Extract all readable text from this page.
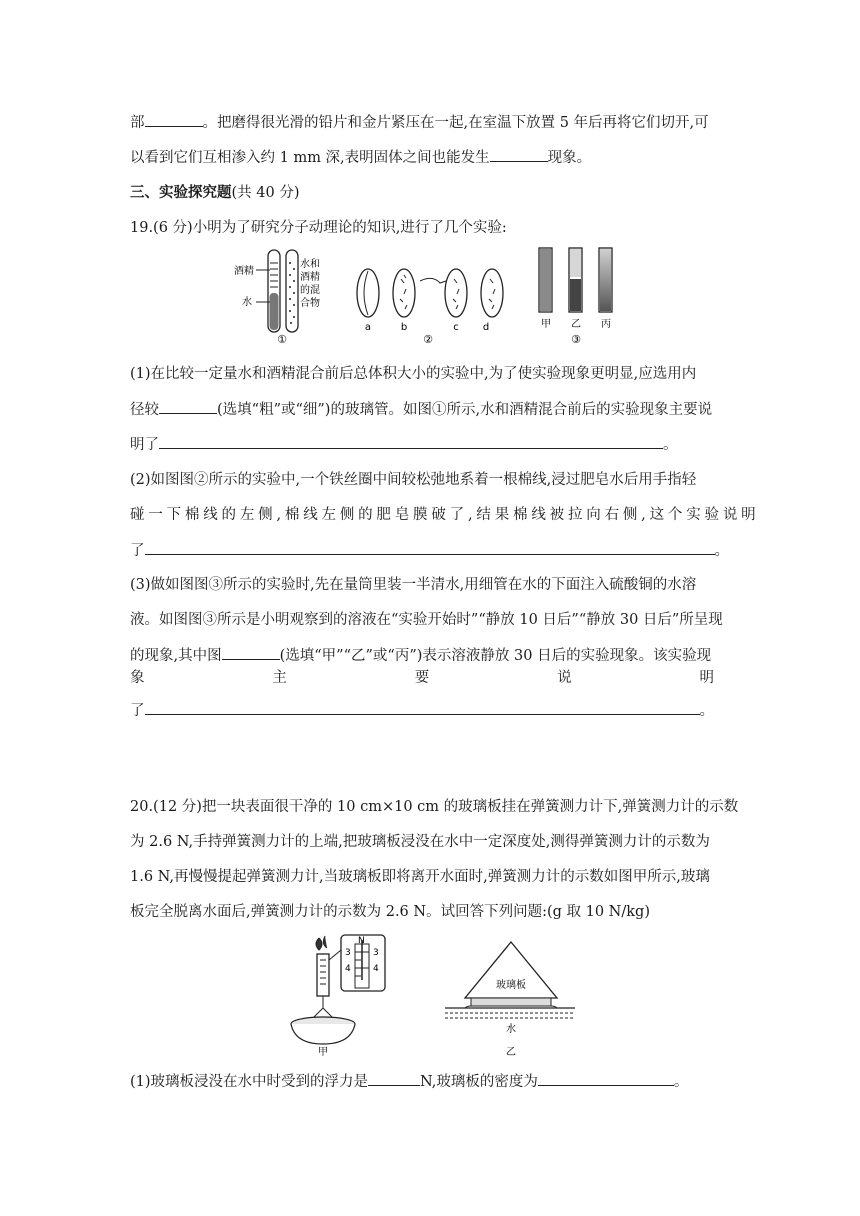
部	。把磨得很光滑的铅片和金片紧压在一起,在室温下放置 5 年后再将它们切开,可
以看到它们互相渗入约 1 mm 深,表明固体之间也能发生	现象。
三、实验探究题(共 40 分)
19.(6 分)小明为了研究分子动理论的知识,进行了几个实验:
酒精
水
水和
酒精
的混
合物
①
a	b	c d
②
甲 乙 丙
③
(1)在比较一定量水和酒精混合前后总体积大小的实验中,为了使实验现象更明显,应选用内
径较	(选填“粗”或“细”)的玻璃管。如图①所示,水和酒精混合前后的实验现象主要说
明了	。
(2)如图图②所示的实验中,一个铁丝圈中间较松弛地系着一根棉线,浸过肥皂水后用手指轻
碰 一 下 棉 线 的 左 侧 , 棉 线 左 侧 的 肥 皂 膜 破 了 , 结 果 棉 线 被 拉 向 右 侧 , 这 个 实 验 说 明
了	。
(3)做如图图③所示的实验时,先在量筒里装一半清水,用细管在水的下面注入硫酸铜的水溶
液。如图图③所示是小明观察到的溶液在“实验开始时”“静放 10 日后”“静放 30 日后”所呈现
的现象,其中图	(选填“甲”“乙”或“丙”)表示溶液静放 30 日后的实验现象。该实验现
象	主	要	说	明
了	。
20.(12 分)把一块表面很干净的 10 cm×10 cm 的玻璃板挂在弹簧测力计下,弹簧测力计的示数
为 2.6 N,手持弹簧测力计的上端,把玻璃板浸没在水中一定深度处,测得弹簧测力计的示数为
1.6 N,再慢慢提起弹簧测力计,当玻璃板即将离开水面时,弹簧测力计的示数如图甲所示,玻璃
板完全脱离水面后,弹簧测力计的示数为 2.6 N。试回答下列问题:(g 取 10 N/kg)
N
3
4
3
4
甲
玻璃板
水
乙
(1)玻璃板浸没在水中时受到的浮力是	N,玻璃板的密度为	。
